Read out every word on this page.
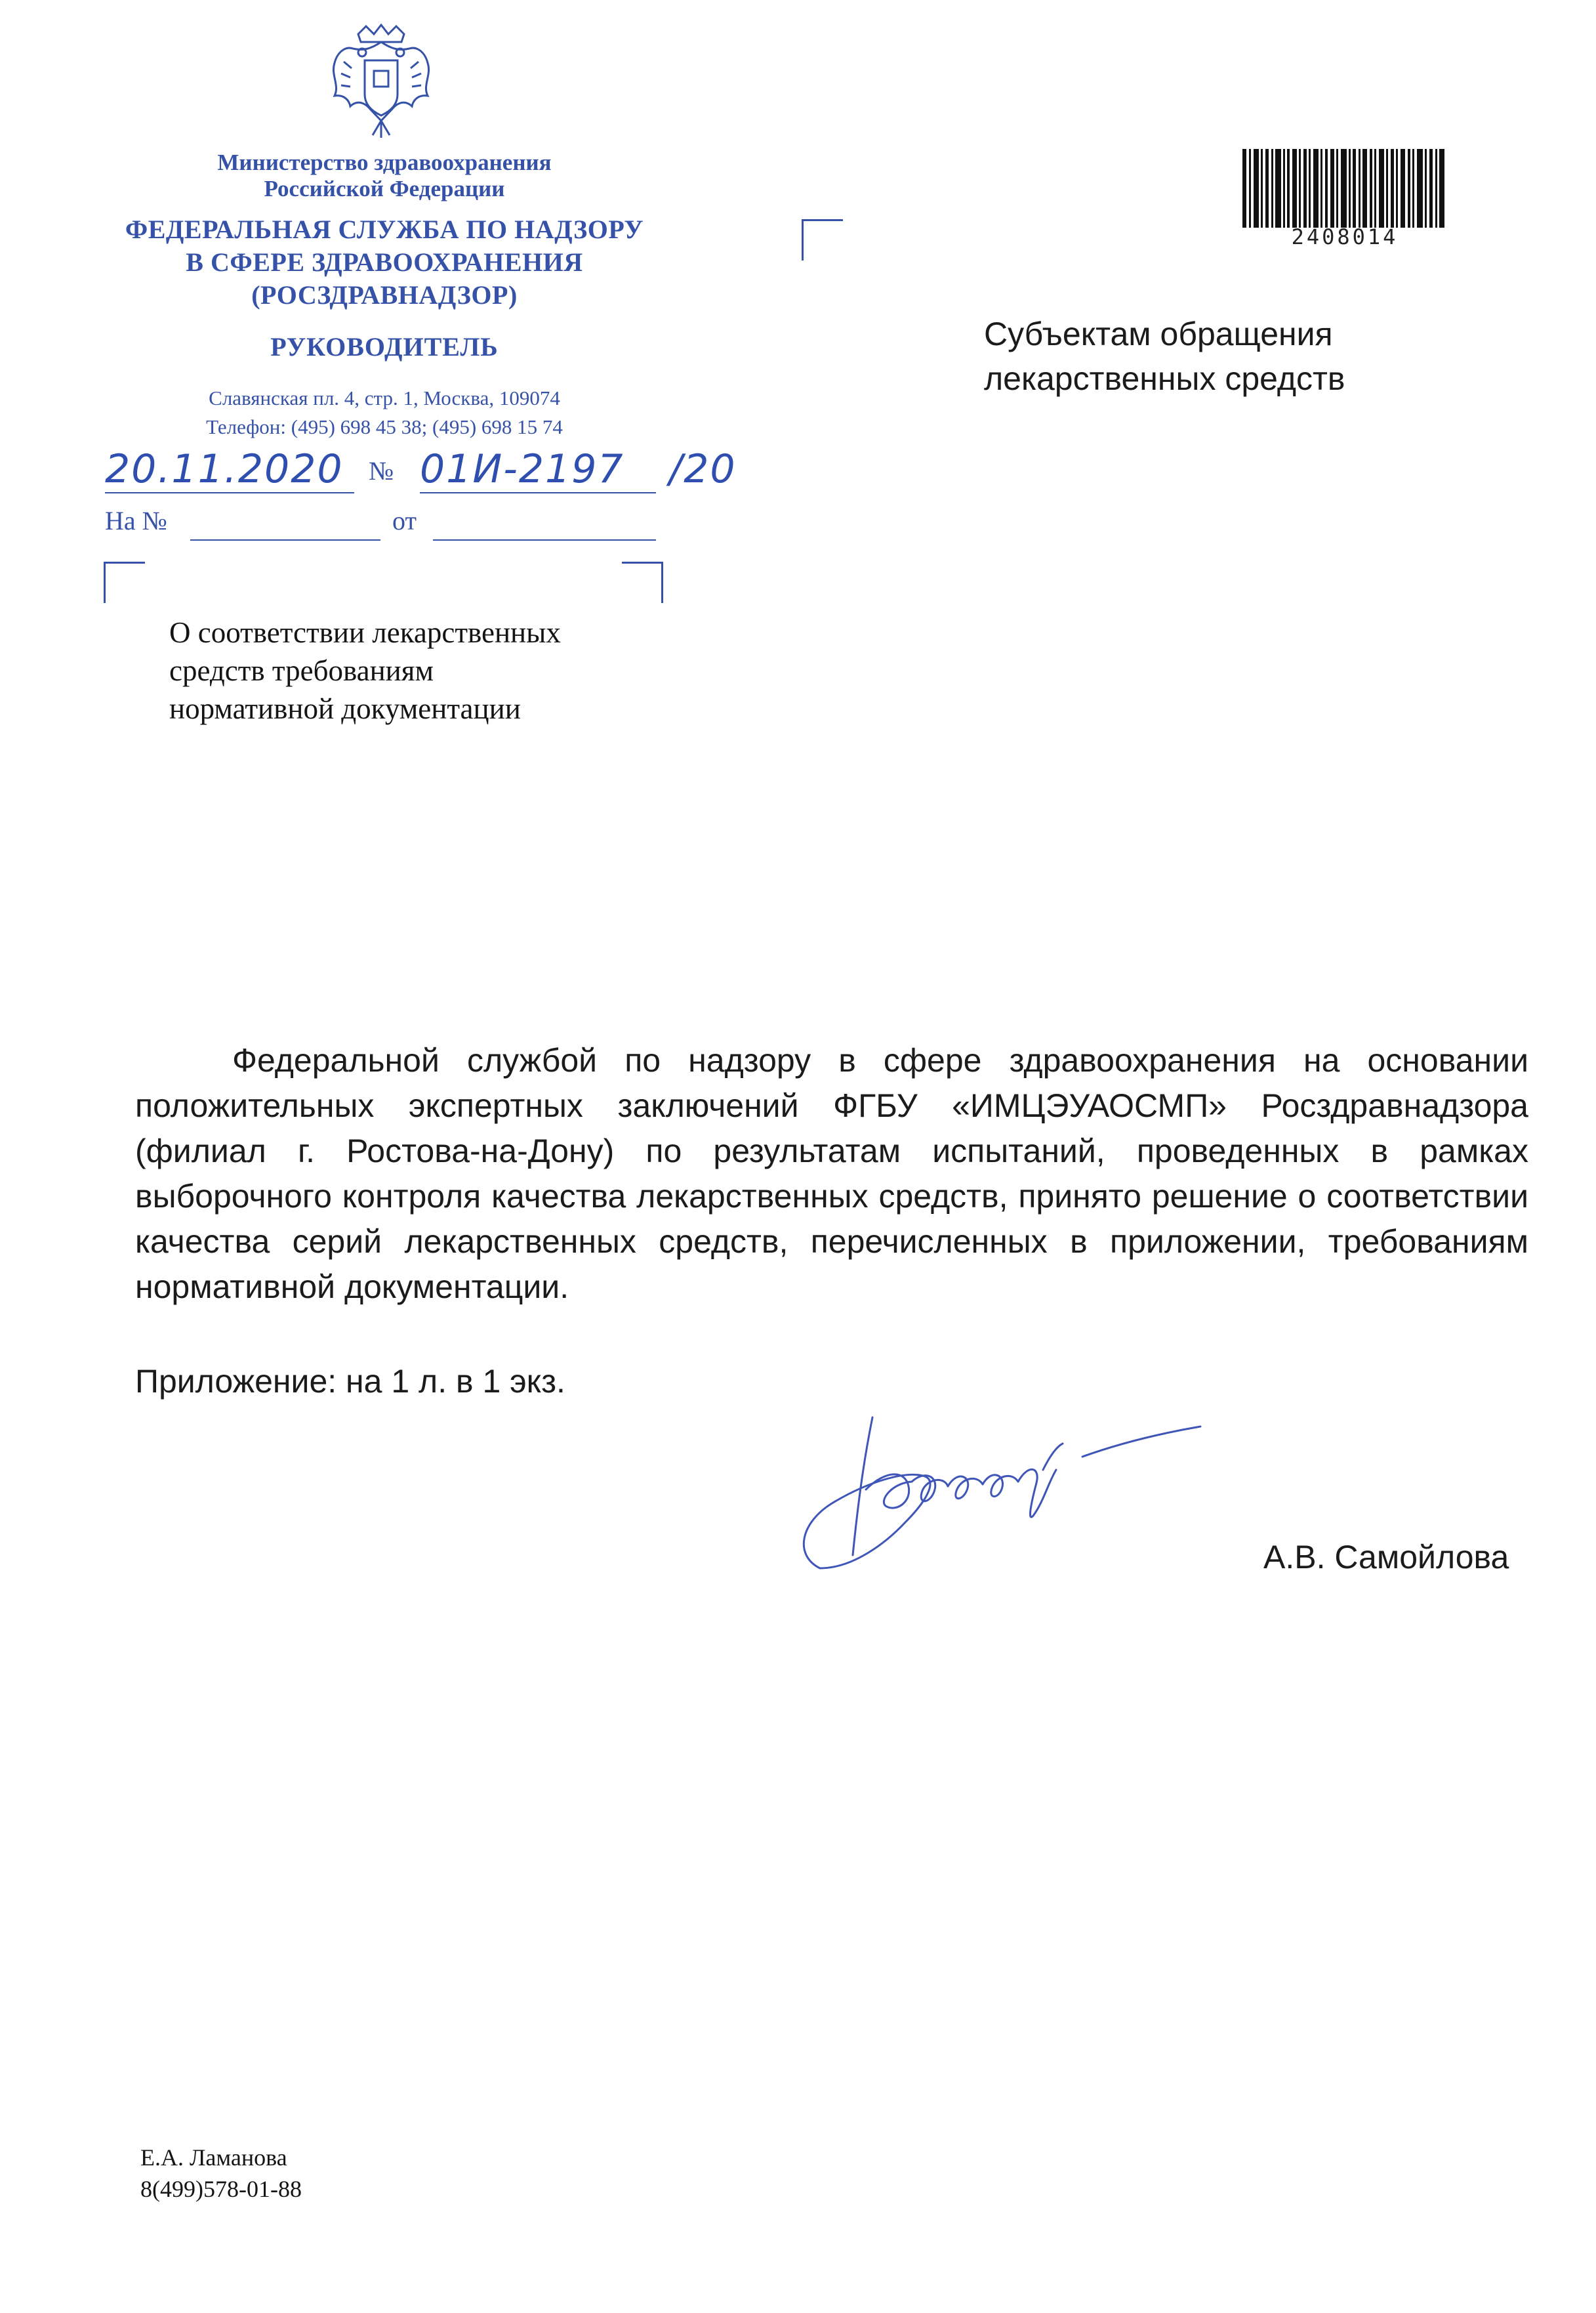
Министерство здравоохранения
Российской Федерации
ФЕДЕРАЛЬНАЯ СЛУЖБА ПО НАДЗОРУ
В СФЕРЕ ЗДРАВООХРАНЕНИЯ
(РОСЗДРАВНАДЗОР)
РУКОВОДИТЕЛЬ
Славянская пл. 4, стр. 1, Москва, 109074
Телефон: (495) 698 45 38; (495) 698 15 74
20.11.2020 № 01И-2197 /20
На №	от
2408014
Субъектам обращения
лекарственных средств
О соответствии лекарственных
средств требованиям
нормативной документации
Федеральной службой по надзору в сфере здравоохранения на основании положительных экспертных заключений ФГБУ «ИМЦЭУАОСМП» Росздравнадзора (филиал г. Ростова-на-Дону) по результатам испытаний, проведенных в рамках выборочного контроля качества лекарственных средств, принято решение о соответствии качества серий лекарственных средств, перечисленных в приложении, требованиям нормативной документации.
Приложение: на 1 л. в 1 экз.
А.В. Самойлова
Е.А. Ламанова
8(499)578-01-88
